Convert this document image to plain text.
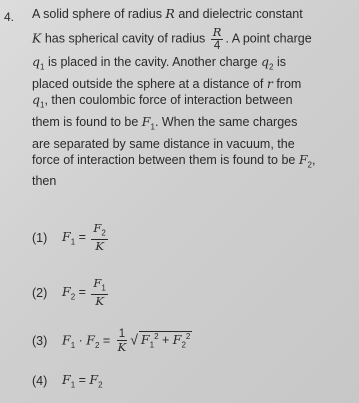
4. A solid sphere of radius R and dielectric constant

K has spherical cavity of radius $\frac{R}{4}$ . A point charge

$q_1$ is placed in the cavity. Another charge $q_2$ is

placed outside the sphere at a distance of r from

$q_1$, then coulombic force of interaction between

them is found to be $F_1$. When the same charges

are separated by same distance in vacuum, the

force of interaction between them is found to be $F_2$,

then

(1)	$F_1 = \frac{F_2}{K}$
(2)	$F_2 = \frac{F_1}{K}$
(3)	$F_1 \cdot F_2 = \frac{1}{K}$ √ $F_1^2 + F_2^2$
(4)	$F_1 = F_2$
